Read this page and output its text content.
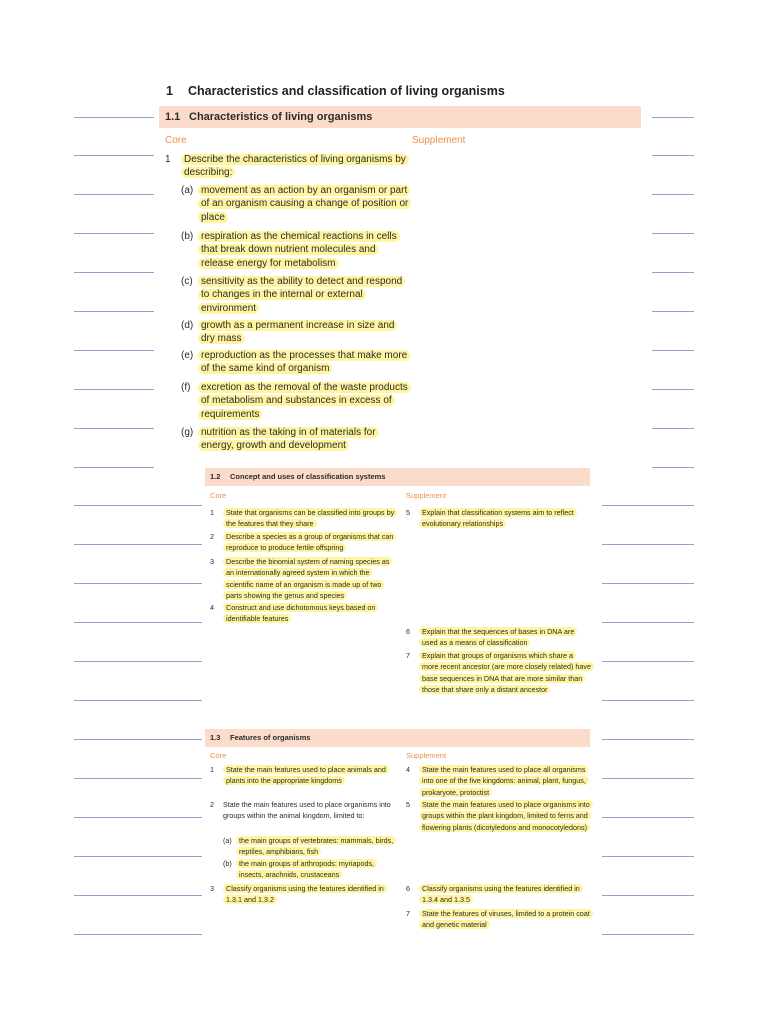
1 Characteristics and classification of living organisms
1.1 Characteristics of living organisms
Core	Supplement
1	Describe the characteristics of living organisms by describing:
(a) movement as an action by an organism or part of an organism causing a change of position or place
(b) respiration as the chemical reactions in cells that break down nutrient molecules and release energy for metabolism
(c) sensitivity as the ability to detect and respond to changes in the internal or external environment
(d) growth as a permanent increase in size and dry mass
(e) reproduction as the processes that make more of the same kind of organism
(f)	excretion as the removal of the waste products of metabolism and substances in excess of requirements
(g) nutrition as the taking in of materials for energy, growth and development
1.2 Concept and uses of classification systems
Core	Supplement
1	State that organisms can be classified into groups by the features that they share
2	Describe a species as a group of organisms that can reproduce to produce fertile offspring
3	Describe the binomial system of naming species as an internationally agreed system in which the scientific name of an organism is made up of two parts showing the genus and species
4	Construct and use dichotomous keys based on identifiable features
5	Explain that classification systems aim to reflect evolutionary relationships
6	Explain that the sequences of bases in DNA are used as a means of classification
7	Explain that groups of organisms which share a more recent ancestor (are more closely related) have base sequences in DNA that are more similar than those that share only a distant ancestor
1.3 Features of organisms
Core	Supplement
1	State the main features used to place animals and plants into the appropriate kingdoms
2 State the main features used to place organisms into groups within the animal kingdom, limited to:
(a)	the main groups of vertebrates: mammals, birds, reptiles, amphibians, fish
(b)	the main groups of arthropods: myriapods, insects, arachnids, crustaceans
3	Classify organisms using the features identified in 1.3.1 and 1.3.2
4	State the main features used to place all organisms into one of the five kingdoms: animal, plant, fungus, prokaryote, protoctist
5	State the main features used to place organisms into groups within the plant kingdom, limited to ferns and flowering plants (dicotyledons and monocotyledons)
6	Classify organisms using the features identified in 1.3.4 and 1.3.5
7	State the features of viruses, limited to a protein coat and genetic material
